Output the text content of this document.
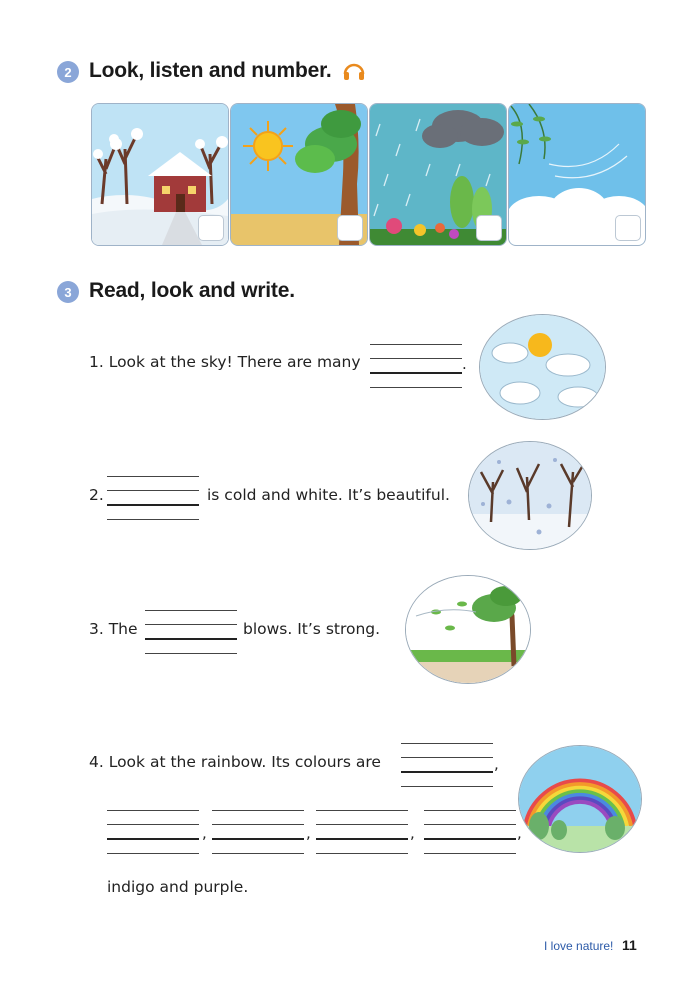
2 Look, listen and number.
3 Read, look and write.
1. Look at the sky! There are many	.
2.	is cold and white. It’s beautiful.
3. The	blows. It’s strong.
4. Look at the rainbow. Its colours are	,
,	,	,	,
indigo and purple.
I love nature! 11
